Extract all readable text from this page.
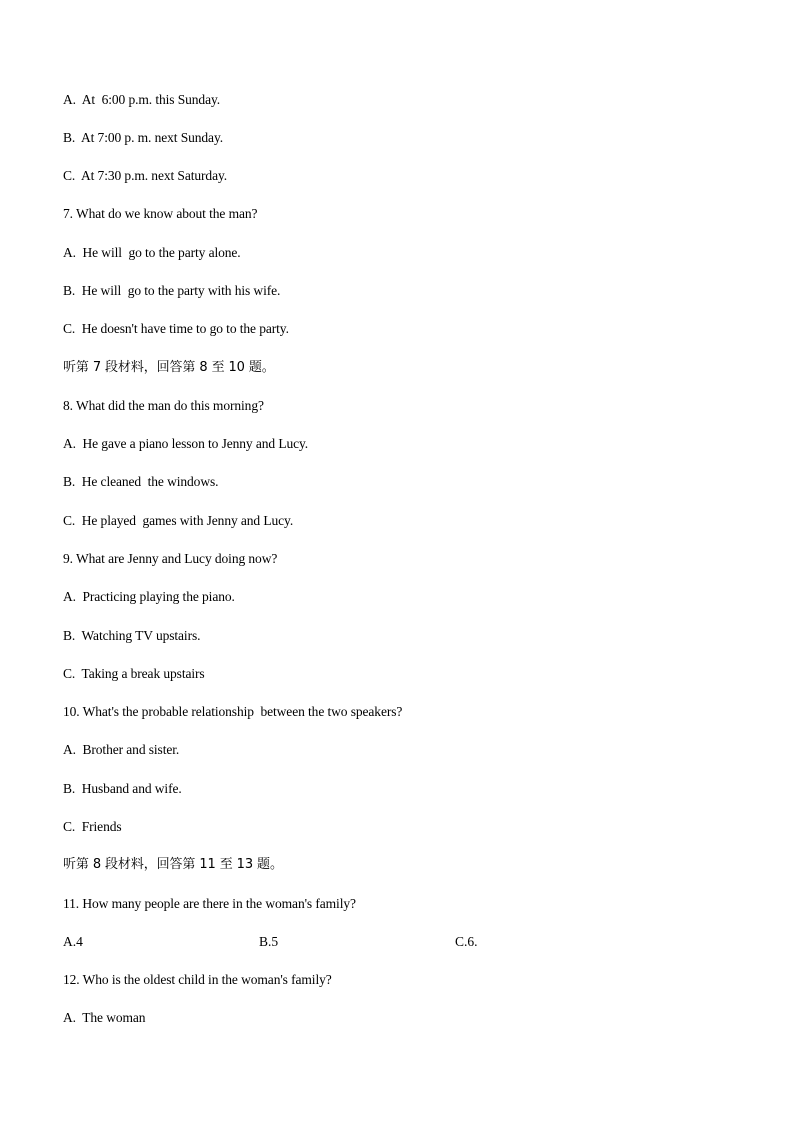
A.  At  6:00 p.m. this Sunday.
B.  At 7:00 p. m. next Sunday.
C.  At 7:30 p.m. next Saturday.
7. What do we know about the man?
A.  He will  go to the party alone.
B.  He will  go to the party with his wife.
C.  He doesn't have time to go to the party.
听第 7 段材料，回答第 8 至 10 题。
8. What did the man do this morning?
A.  He gave a piano lesson to Jenny and Lucy.
B.  He cleaned  the windows.
C.  He played  games with Jenny and Lucy.
9. What are Jenny and Lucy doing now?
A.  Practicing playing the piano.
B.  Watching TV upstairs.
C.  Taking a break upstairs
10. What's the probable relationship  between the two speakers?
A.  Brother and sister.
B.  Husband and wife.
C.  Friends
听第 8 段材料，回答第 11 至 13 题。
11. How many people are there in the woman's family?
A.4	B.5	C.6.
12. Who is the oldest child in the woman's family?
A.  The woman
